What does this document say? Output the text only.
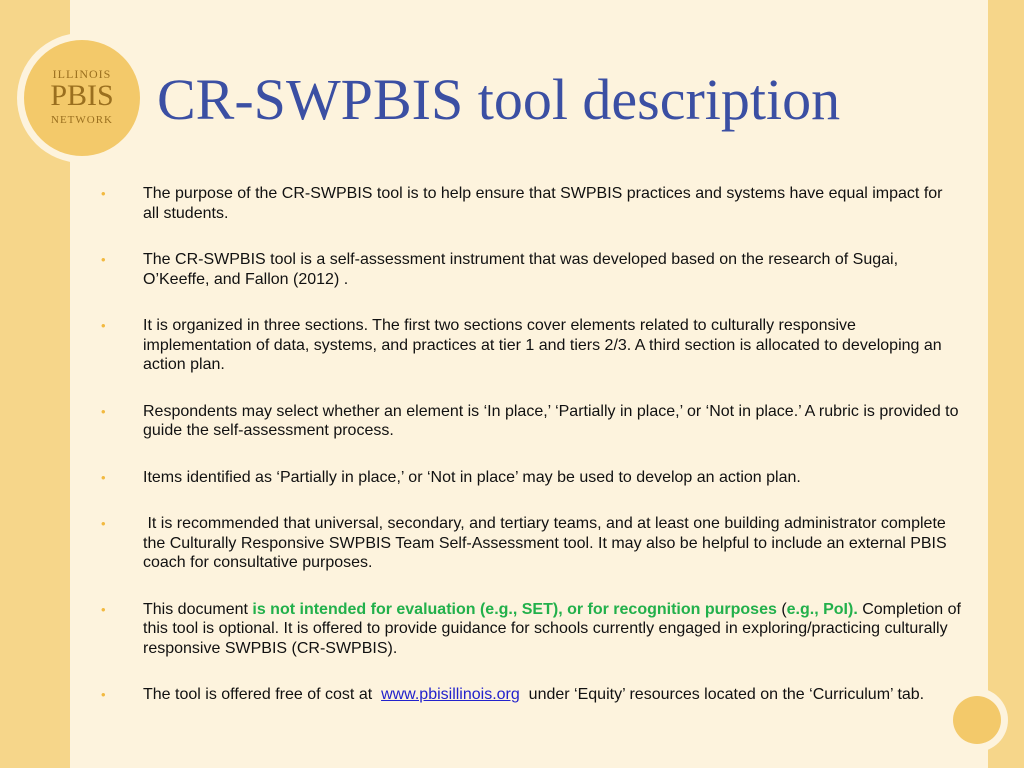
ILLINOIS
PBIS
NETWORK CR-SWPBIS tool description
• The purpose of the CR-SWPBIS tool is to help ensure that SWPBIS practices and systems have equal impact for all students.
• The CR-SWPBIS tool is a self-assessment instrument that was developed based on the research of Sugai, O’Keeffe, and Fallon (2012) .
• It is organized in three sections. The first two sections cover elements related to culturally responsive implementation of data, systems, and practices at tier 1 and tiers 2/3. A third section is allocated to developing an action plan.
• Respondents may select whether an element is ‘In place,’ ‘Partially in place,’ or ‘Not in place.’ A rubric is provided to guide the self-assessment process.
• Items identified as ‘Partially in place,’ or ‘Not in place’ may be used to develop an action plan.
• It is recommended that universal, secondary, and tertiary teams, and at least one building administrator complete the Culturally Responsive SWPBIS Team Self-Assessment tool. It may also be helpful to include an external PBIS coach for consultative purposes.
• This document is not intended for evaluation (e.g., SET), or for recognition purposes (e.g., PoI). Completion of this tool is optional. It is offered to provide guidance for schools currently engaged in exploring/practicing culturally responsive SWPBIS (CR-SWPBIS).
• The tool is offered free of cost at  www.pbisillinois.org  under ‘Equity’ resources located on the ‘Curriculum’ tab.
